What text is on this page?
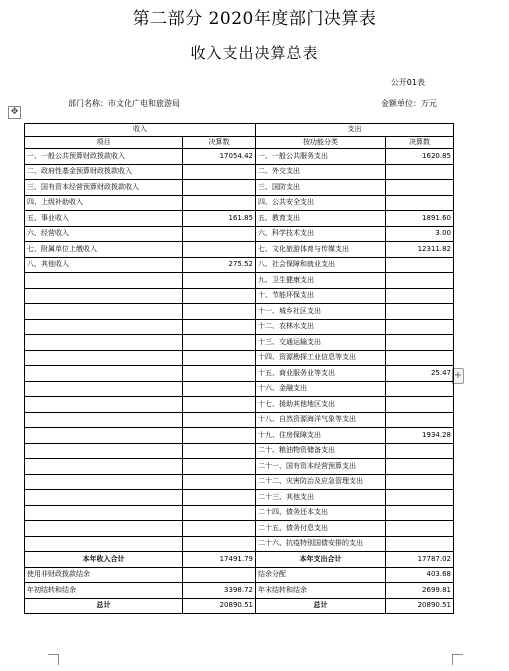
第二部分 2020年度部门决算表
收入支出决算总表
公开01表
部门名称：市文化广电和旅游局	金额单位：万元
✥
+
收入		支出	
项目	决算数	按功能分类	决算数
一、一般公共预算财政拨款收入	17054.42	一、一般公共服务支出	1620.85
二、政府性基金预算财政拨款收入		二、外交支出	
三、国有资本经营预算财政拨款收入		三、国防支出	
四、上级补助收入		四、公共安全支出	
五、事业收入	161.85	五、教育支出	1891.60
六、经营收入		六、科学技术支出	3.00
七、附属单位上缴收入		七、文化旅游体育与传媒支出	12311.82
八、其他收入	275.52	八、社会保障和就业支出	
		九、卫生健康支出	
		十、节能环保支出	
		十一、城乡社区支出	
		十二、农林水支出	
		十三、交通运输支出	
		十四、资源勘探工业信息等支出	
		十五、商业服务业等支出	25.47
		十六、金融支出	
		十七、援助其他地区支出	
		十八、自然资源海洋气象等支出	
		十九、住房保障支出	1934.28
		二十、粮油物资储备支出	
		二十一、国有资本经营预算支出	
		二十二、灾害防治及应急管理支出	
		二十三、其他支出	
		二十四、债务还本支出	
		二十五、债务付息支出	
		二十六、抗疫特别国债安排的支出	
本年收入合计	17491.79	本年支出合计	17787.02
使用非财政拨款结余		结余分配	403.68
年初结转和结余	3398.72	年末结转和结余	2699.81
总计	20890.51	总计	20890.51
